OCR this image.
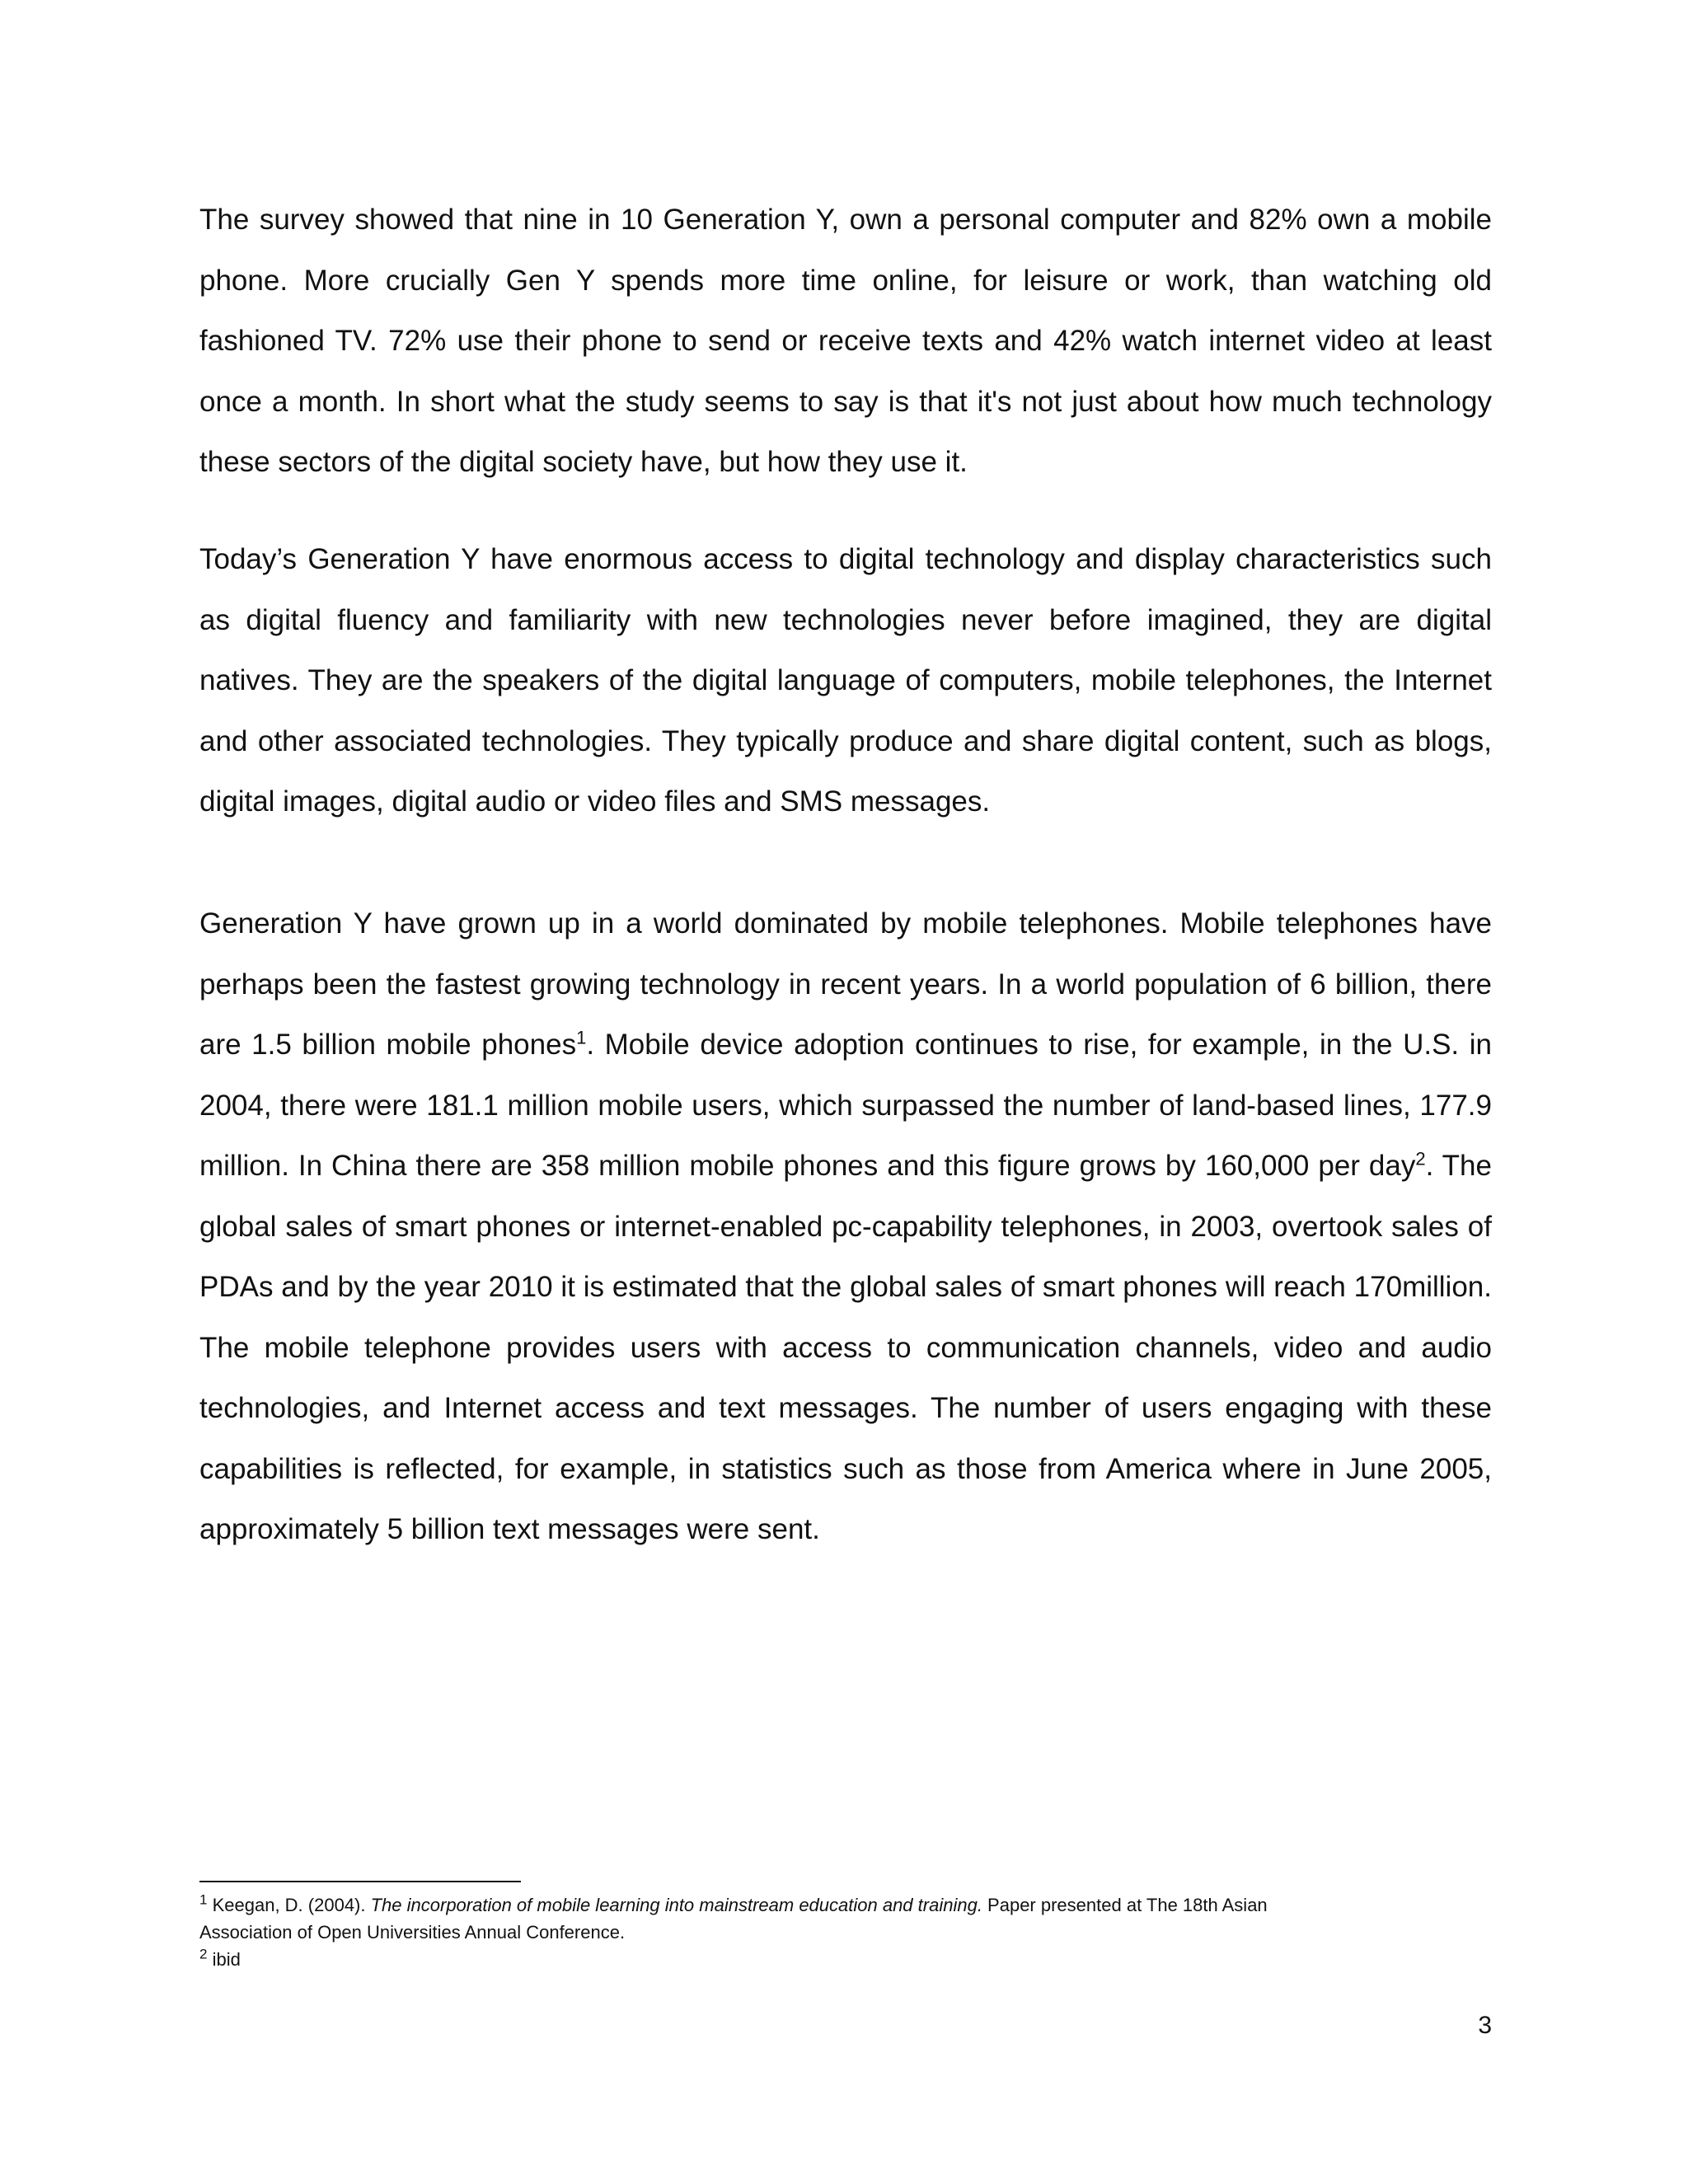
The survey showed that nine in 10 Generation Y, own a personal computer and 82% own a mobile phone. More crucially Gen Y spends more time online, for leisure or work, than watching old fashioned TV. 72% use their phone to send or receive texts and 42% watch internet video at least once a month. In short what the study seems to say is that it's not just about how much technology these sectors of the digital society have, but how they use it.

Today’s Generation Y have enormous access to digital technology and display characteristics such as digital fluency and familiarity with new technologies never before imagined, they are digital natives. They are the speakers of the digital language of computers, mobile telephones, the Internet and other associated technologies. They typically produce and share digital content, such as blogs, digital images, digital audio or video files and SMS messages.

Generation Y have grown up in a world dominated by mobile telephones. Mobile telephones have perhaps been the fastest growing technology in recent years. In a world population of 6 billion, there are 1.5 billion mobile phones$^1$. Mobile device adoption continues to rise, for example, in the U.S. in 2004, there were 181.1 million mobile users, which surpassed the number of land-based lines, 177.9 million. In China there are 358 million mobile phones and this figure grows by 160,000 per day$^2$. The global sales of smart phones or internet-enabled pc-capability telephones, in 2003, overtook sales of PDAs and by the year 2010 it is estimated that the global sales of smart phones will reach 170million. The mobile telephone provides users with access to communication channels, video and audio technologies, and Internet access and text messages. The number of users engaging with these capabilities is reflected, for example, in statistics such as those from America where in June 2005, approximately 5 billion text messages were sent.

$^1$ Keegan, D. (2004). The incorporation of mobile learning into mainstream education and training. Paper presented at The 18th Asian Association of Open Universities Annual Conference.

$^2$ ibid

3
